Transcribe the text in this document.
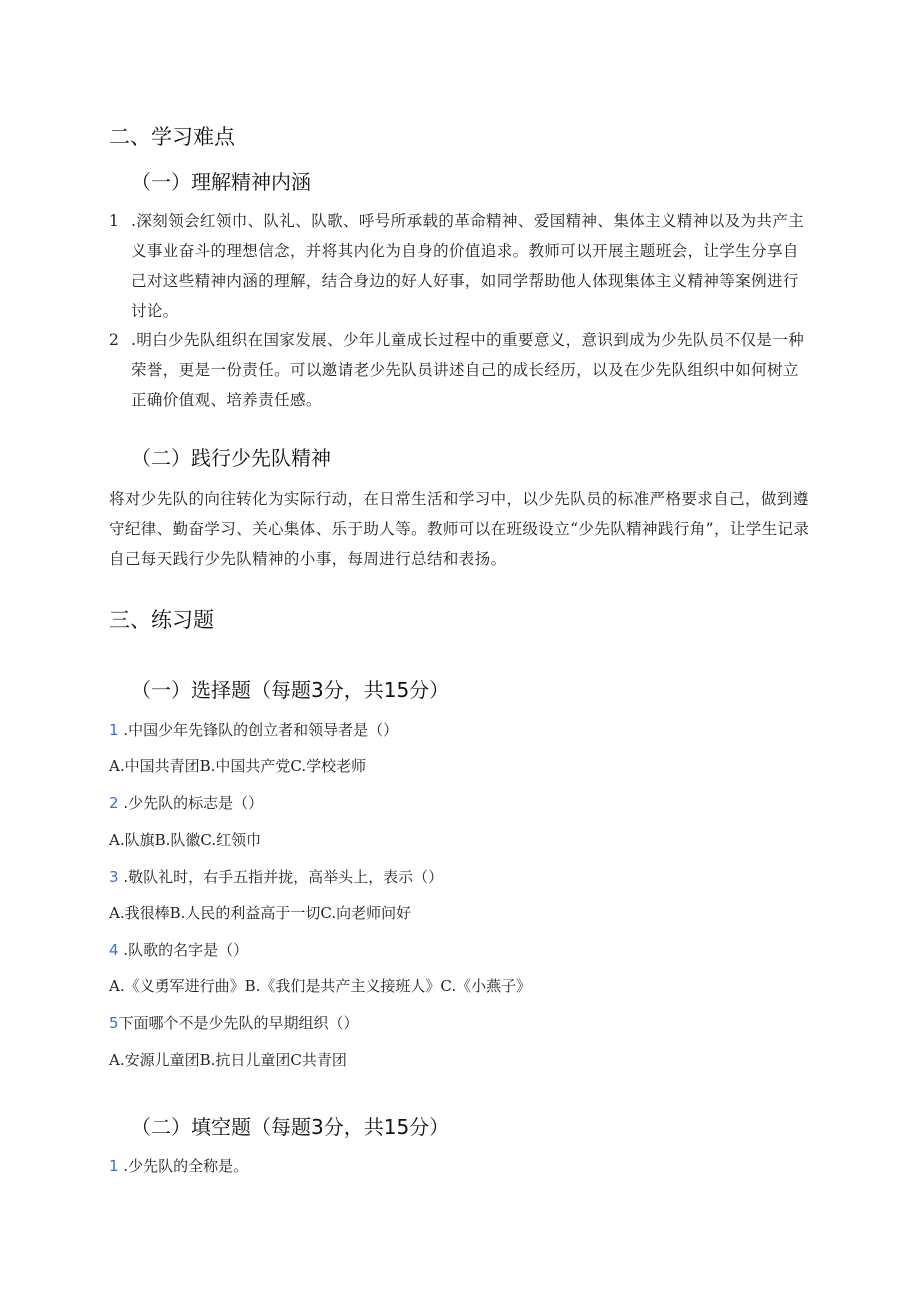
二、学习难点
（一）理解精神内涵
1 .深刻领会红领巾、队礼、队歌、呼号所承载的革命精神、爱国精神、集体主义精神以及为共产主义事业奋斗的理想信念，并将其内化为自身的价值追求。教师可以开展主题班会，让学生分享自己对这些精神内涵的理解，结合身边的好人好事，如同学帮助他人体现集体主义精神等案例进行讨论。
2 .明白少先队组织在国家发展、少年儿童成长过程中的重要意义，意识到成为少先队员不仅是一种荣誉，更是一份责任。可以邀请老少先队员讲述自己的成长经历，以及在少先队组织中如何树立正确价值观、培养责任感。
（二）践行少先队精神

将对少先队的向往转化为实际行动，在日常生活和学习中，以少先队员的标准严格要求自己，做到遵守纪律、勤奋学习、关心集体、乐于助人等。教师可以在班级设立“少先队精神践行角”，让学生记录自己每天践行少先队精神的小事，每周进行总结和表扬。

三、练习题
（一）选择题（每题3分，共15分）

1 .中国少年先锋队的创立者和领导者是（）

A.中国共青团B.中国共产党C.学校老师

2 .少先队的标志是（）

A.队旗B.队徽C.红领巾

3 .敬队礼时，右手五指并拢，高举头上，表示（）

A.我很棒B.人民的利益高于一切C.向老师问好

4 .队歌的名字是（）

A.《义勇军进行曲》B.《我们是共产主义接班人》C.《小燕子》

5下面哪个不是少先队的早期组织（）

A.安源儿童团B.抗日儿童团C共青团

（二）填空题（每题3分，共15分）

1 .少先队的全称是。
